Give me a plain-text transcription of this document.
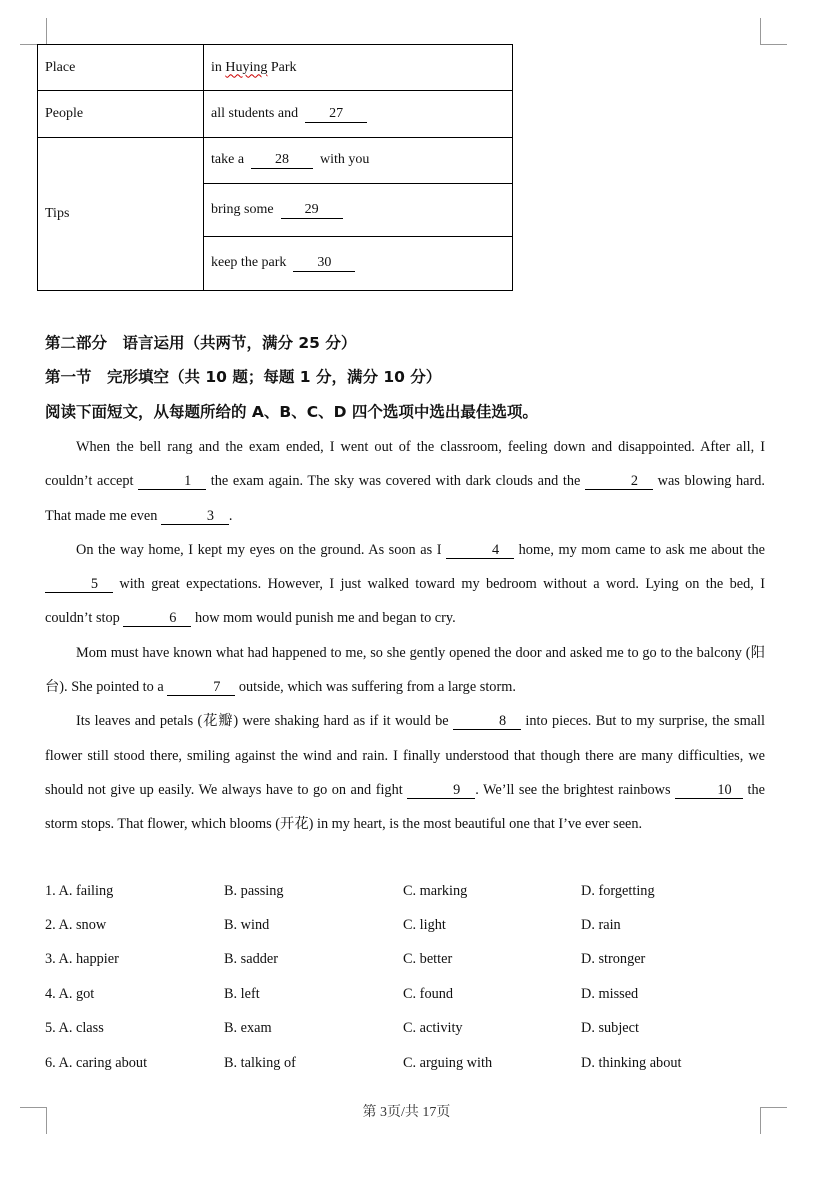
Place	in Huying Park
People	all students and 27
Tips	take a 28 with you
	bring some 29
	keep the park 30
第二部分　语言运用（共两节，满分 25 分）
第一节　完形填空（共 10 题；每题 1 分，满分 10 分）
阅读下面短文，从每题所给的 A、B、C、D 四个选项中选出最佳选项。

When the bell rang and the exam ended, I went out of the classroom, feeling down and disappointed. After all, I couldn’t accept	1 the exam again. The sky was covered with dark clouds and the	2 was blowing hard. That made me even	3 .

On the way home, I kept my eyes on the ground. As soon as I	4 home, my mom came to ask me about the 5 with great expectations. However, I just walked toward my bedroom without a word. Lying on the bed, I couldn’t stop	6 how mom would punish me and began to cry.

Mom must have known what had happened to me, so she gently opened the door and asked me to go to the balcony (阳台). She pointed to a	7 outside, which was suffering from a large storm.

Its leaves and petals (花瓣) were shaking hard as if it would be	8 into pieces. But to my surprise, the small flower still stood there, smiling against the wind and rain. I finally understood that though there are many difficulties, we should not give up easily. We always have to go on and fight	9 . We’ll see the brightest rainbows	10 the storm stops. That flower, which blooms (开花) in my heart, is the most beautiful one that I’ve ever seen.

1. A. failing	B. passing	C. marking	D. forgetting
2. A. snow	B. wind	C. light	D. rain
3. A. happier	B. sadder	C. better	D. stronger
4. A. got	B. left	C. found	D. missed
5. A. class	B. exam	C. activity	D. subject
6. A. caring about	B. talking of	C. arguing with	D. thinking about
第 3页/共 17页
